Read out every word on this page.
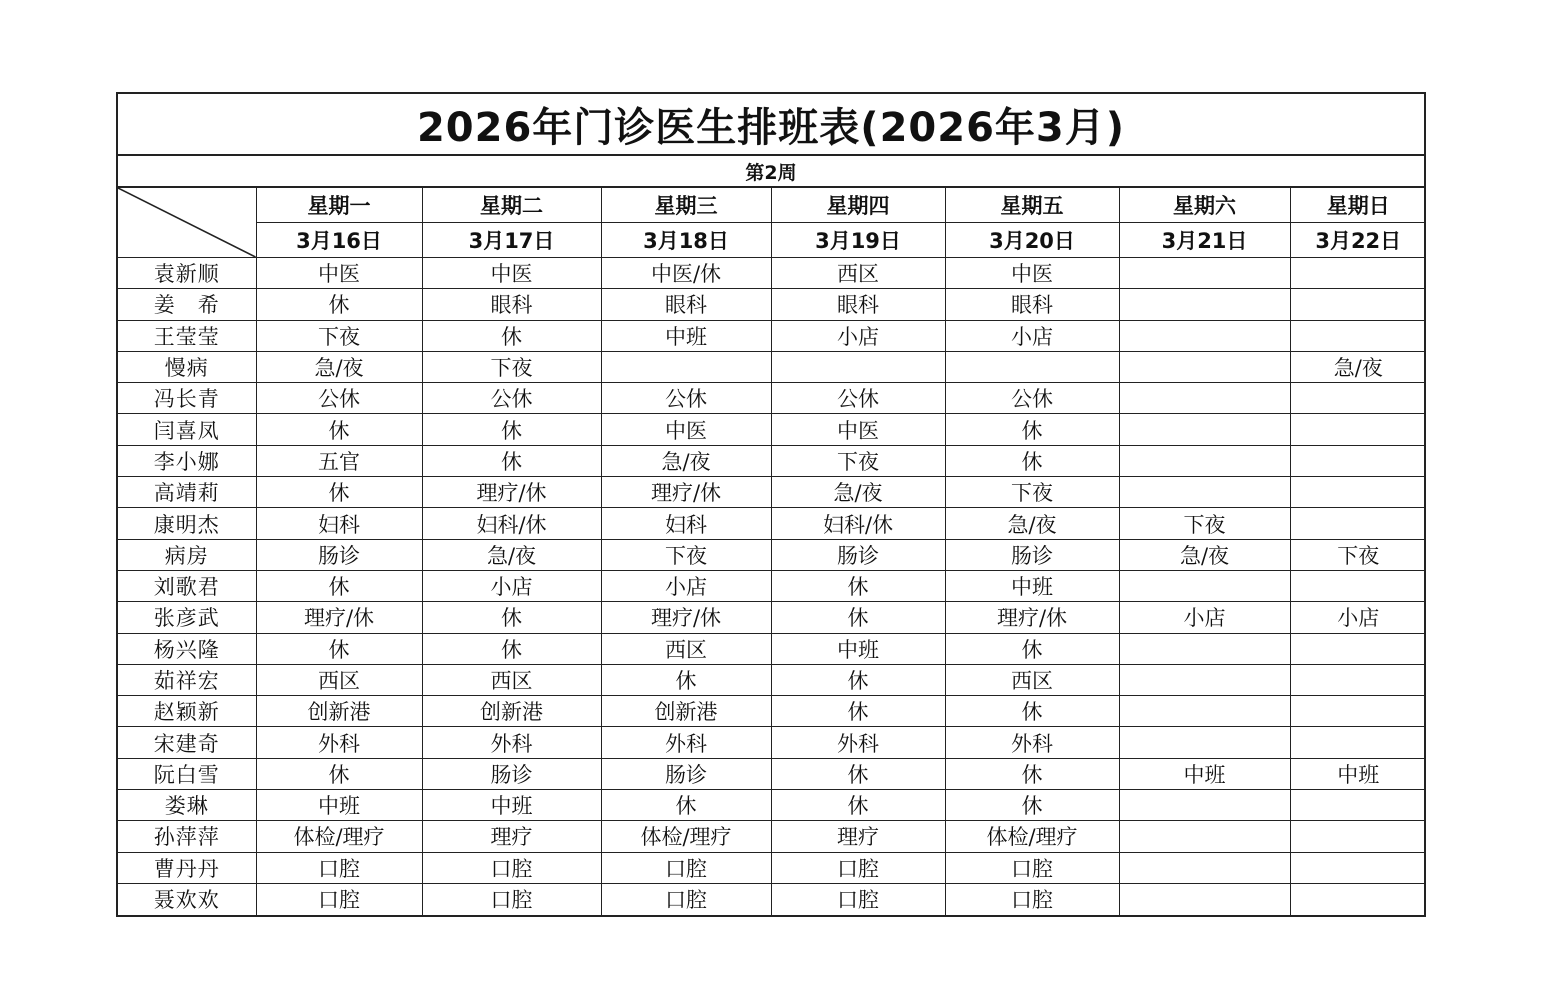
2026年门诊医生排班表(2026年3月)
第2周
	星期一	星期二	星期三	星期四	星期五	星期六	星期日
	3月16日	3月17日	3月18日	3月19日	3月20日	3月21日	3月22日
袁新顺	中医	中医	中医/休	西区	中医		
姜　希	休	眼科	眼科	眼科	眼科		
王莹莹	下夜	休	中班	小店	小店		
慢病	急/夜	下夜					急/夜
冯长青	公休	公休	公休	公休	公休		
闫喜凤	休	休	中医	中医	休		
李小娜	五官	休	急/夜	下夜	休		
高靖莉	休	理疗/休	理疗/休	急/夜	下夜		
康明杰	妇科	妇科/休	妇科	妇科/休	急/夜	下夜	
病房	肠诊	急/夜	下夜	肠诊	肠诊	急/夜	下夜
刘歌君	休	小店	小店	休	中班		
张彦武	理疗/休	休	理疗/休	休	理疗/休	小店	小店
杨兴隆	休	休	西区	中班	休		
茹祥宏	西区	西区	休	休	西区		
赵颖新	创新港	创新港	创新港	休	休		
宋建奇	外科	外科	外科	外科	外科		
阮白雪	休	肠诊	肠诊	休	休	中班	中班
娄琳	中班	中班	休	休	休		
孙萍萍	体检/理疗	理疗	体检/理疗	理疗	体检/理疗		
曹丹丹	口腔	口腔	口腔	口腔	口腔		
聂欢欢	口腔	口腔	口腔	口腔	口腔		
